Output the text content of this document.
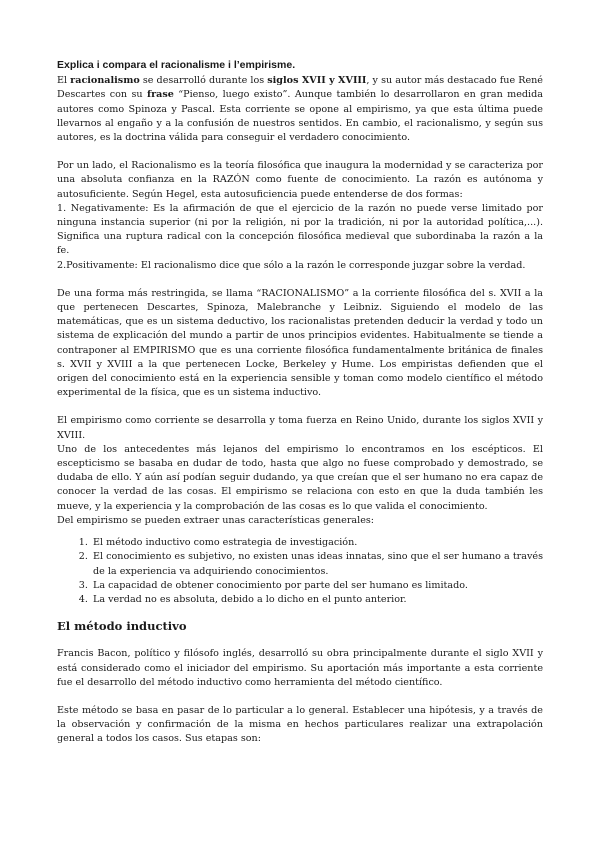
Explica i compara el racionalisme i l’empirisme.

El racionalismo se desarrolló durante los siglos XVII y XVIII, y su autor más destacado fue René Descartes con su frase “Pienso, luego existo”. Aunque también lo desarrollaron en gran medida autores como Spinoza y Pascal. Esta corriente se opone al empirismo, ya que esta última puede llevarnos al engaño y a la confusión de nuestros sentidos. En cambio, el racionalismo, y según sus autores, es la doctrina válida para conseguir el verdadero conocimiento.

Por un lado, el Racionalismo es la teoría filosófica que inaugura la modernidad y se caracteriza por una absoluta confianza en la RAZÓN como fuente de conocimiento. La razón es autónoma y autosuficiente. Según Hegel, esta autosuficiencia puede entenderse de dos formas:

1. Negativamente: Es la afirmación de que el ejercicio de la razón no puede verse limitado por ninguna instancia superior (ni por la religión, ni por la tradición, ni por la autoridad política,...). Significa una ruptura radical con la concepción filosófica medieval que subordinaba la razón a la fe.

2.Positivamente: El racionalismo dice que sólo a la razón le corresponde juzgar sobre la verdad.

De una forma más restringida, se llama “RACIONALISMO” a la corriente filosófica del s. XVII a la que pertenecen Descartes, Spinoza, Malebranche y Leibniz. Siguiendo el modelo de las matemáticas, que es un sistema deductivo, los racionalistas pretenden deducir la verdad y todo un sistema de explicación del mundo a partir de unos principios evidentes. Habitualmente se tiende a contraponer al EMPIRISMO que es una corriente filosófica fundamentalmente británica de finales s. XVII y XVIII a la que pertenecen Locke, Berkeley y Hume. Los empiristas defienden que el origen del conocimiento está en la experiencia sensible y toman como modelo científico el método experimental de la física, que es un sistema inductivo.

El empirismo como corriente se desarrolla y toma fuerza en Reino Unido, durante los siglos XVII y XVIII.

Uno de los antecedentes más lejanos del empirismo lo encontramos en los escépticos. El escepticismo se basaba en dudar de todo, hasta que algo no fuese comprobado y demostrado, se dudaba de ello. Y aún así podían seguir dudando, ya que creían que el ser humano no era capaz de conocer la verdad de las cosas. El empirismo se relaciona con esto en que la duda también les mueve, y la experiencia y la comprobación de las cosas es lo que valida el conocimiento.

Del empirismo se pueden extraer unas características generales:

1. El método inductivo como estrategia de investigación.
2. El conocimiento es subjetivo, no existen unas ideas innatas, sino que el ser humano a través de la experiencia va adquiriendo conocimientos.
3. La capacidad de obtener conocimiento por parte del ser humano es limitado.
4. La verdad no es absoluta, debido a lo dicho en el punto anterior.

El método inductivo

Francis Bacon, político y filósofo inglés, desarrolló su obra principalmente durante el siglo XVII y está considerado como el iniciador del empirismo. Su aportación más importante a esta corriente fue el desarrollo del método inductivo como herramienta del método científico.

Este método se basa en pasar de lo particular a lo general. Establecer una hipótesis, y a través de la observación y confirmación de la misma en hechos particulares realizar una extrapolación general a todos los casos. Sus etapas son:
